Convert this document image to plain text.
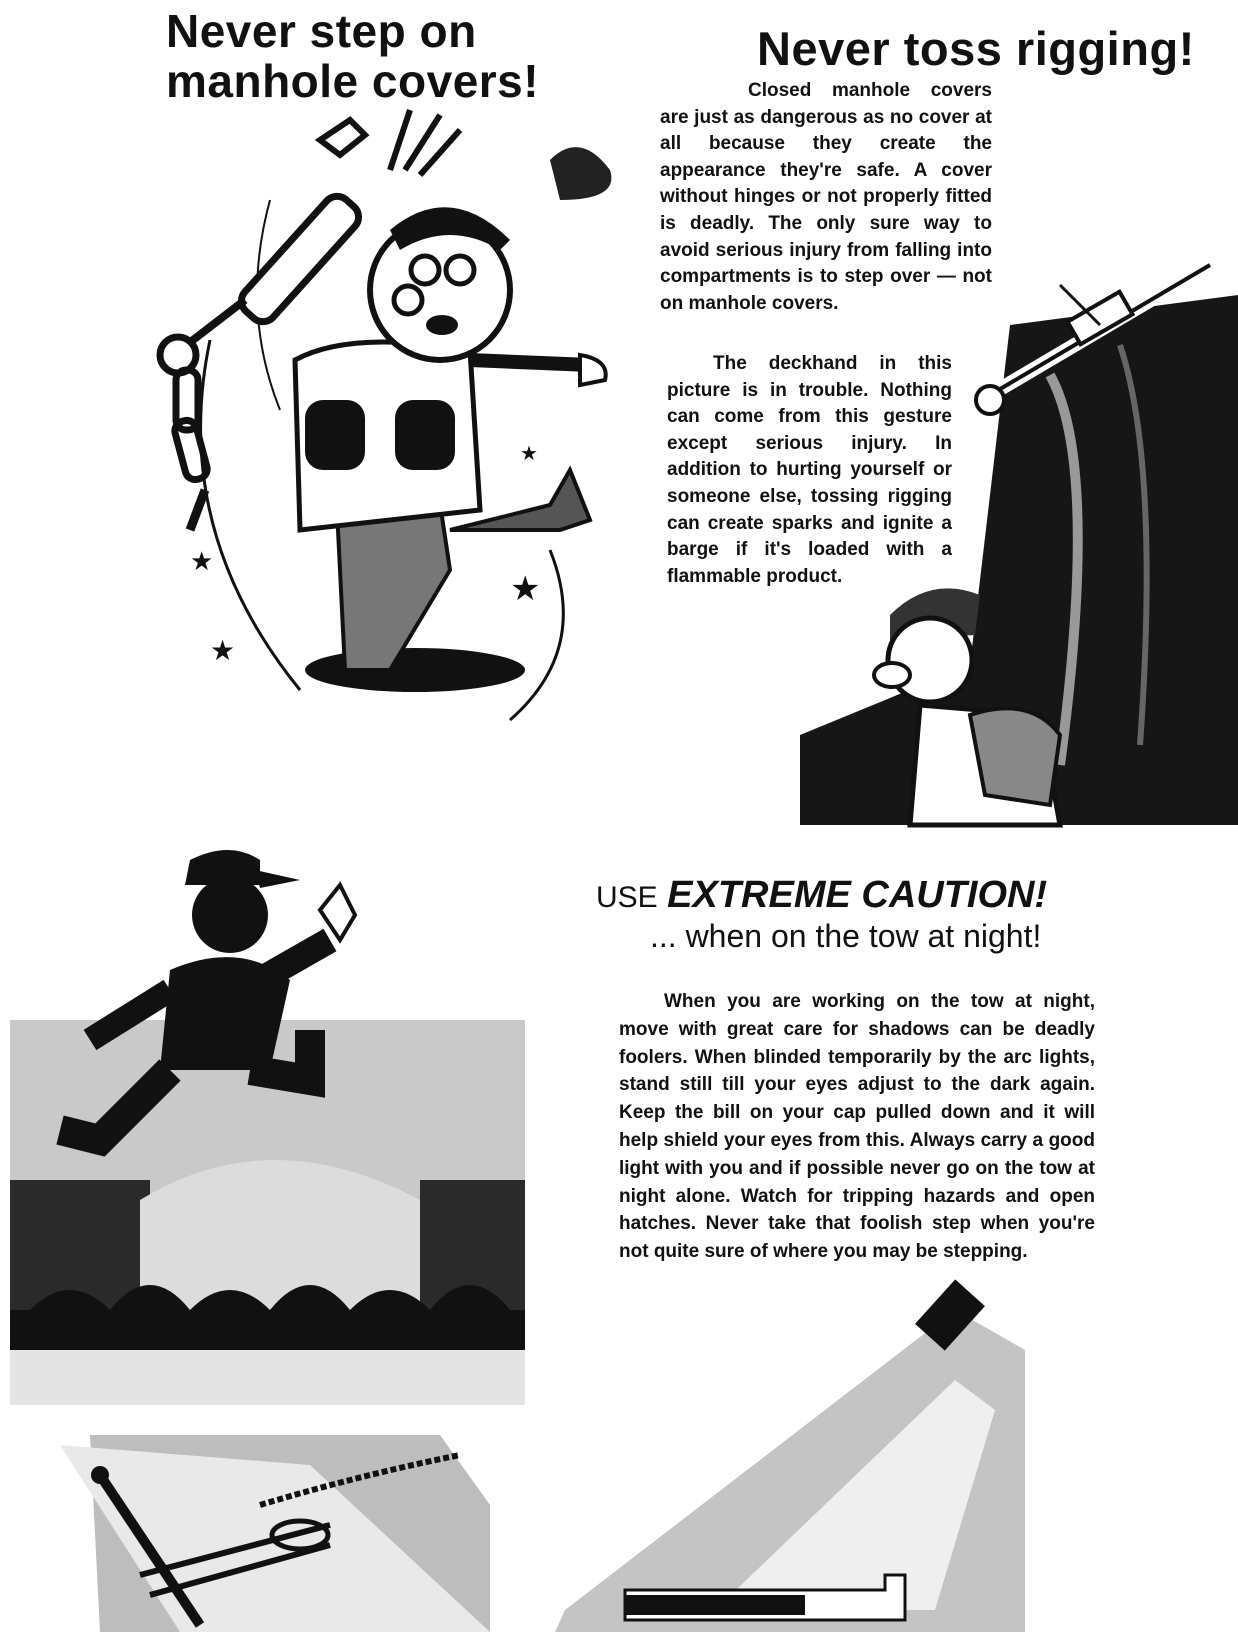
Never step on manhole covers!
Never toss rigging!

Closed manhole covers are just as dangerous as no cover at all because they create the appearance they're safe. A cover without hinges or not properly fitted is deadly. The only sure way to avoid serious injury from falling into compartments is to step over — not on manhole covers.

The deckhand in this picture is in trouble. Nothing can come from this gesture except serious injury. In addition to hurting yourself or someone else, tossing rigging can create sparks and ignite a barge if it's loaded with a flammable product.

USE EXTREME CAUTION!
... when on the tow at night!

When you are working on the tow at night, move with great care for shadows can be deadly foolers. When blinded temporarily by the arc lights, stand still till your eyes adjust to the dark again. Keep the bill on your cap pulled down and it will help shield your eyes from this. Always carry a good light with you and if possible never go on the tow at night alone. Watch for tripping hazards and open hatches. Never take that foolish step when you're not quite sure of where you may be stepping.

★
★
★
★
